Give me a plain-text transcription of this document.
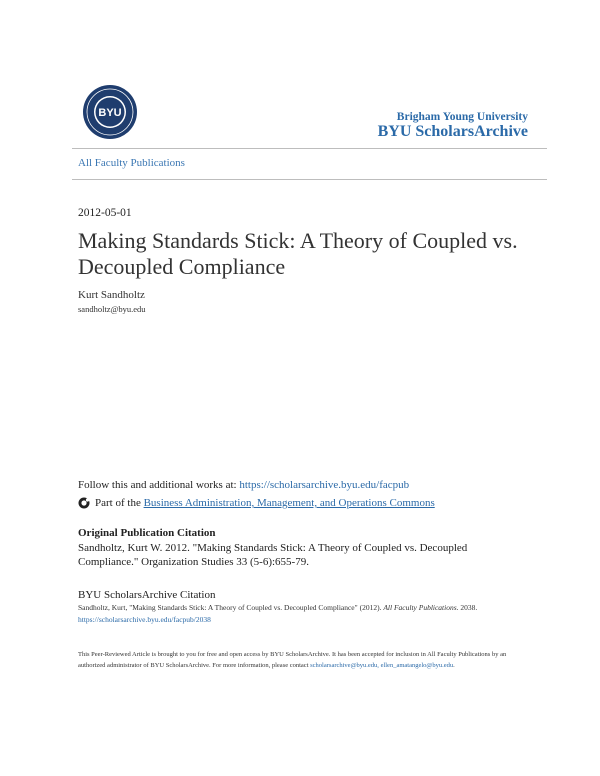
BYU	Brigham Young University
BYU ScholarsArchive
All Faculty Publications
2012-05-01
Making Standards Stick: A Theory of Coupled vs. Decoupled Compliance
Kurt Sandholtz
sandholtz@byu.edu
Follow this and additional works at: https://scholarsarchive.byu.edu/facpub
Part of the
Business Administration, Management, and Operations Commons
Original Publication Citation
Sandholtz, Kurt W. 2012. "Making Standards Stick: A Theory of Coupled vs. Decoupled Compliance." Organization Studies 33 (5-6):655-79.
BYU ScholarsArchive Citation
Sandholtz, Kurt, "Making Standards Stick: A Theory of Coupled vs. Decoupled Compliance" (2012). All Faculty Publications. 2038.
https://scholarsarchive.byu.edu/facpub/2038
This Peer-Reviewed Article is brought to you for free and open access by BYU ScholarsArchive. It has been accepted for inclusion in All Faculty Publications by an authorized administrator of BYU ScholarsArchive. For more information, please contact scholarsarchive@byu.edu, ellen_amatangelo@byu.edu.
